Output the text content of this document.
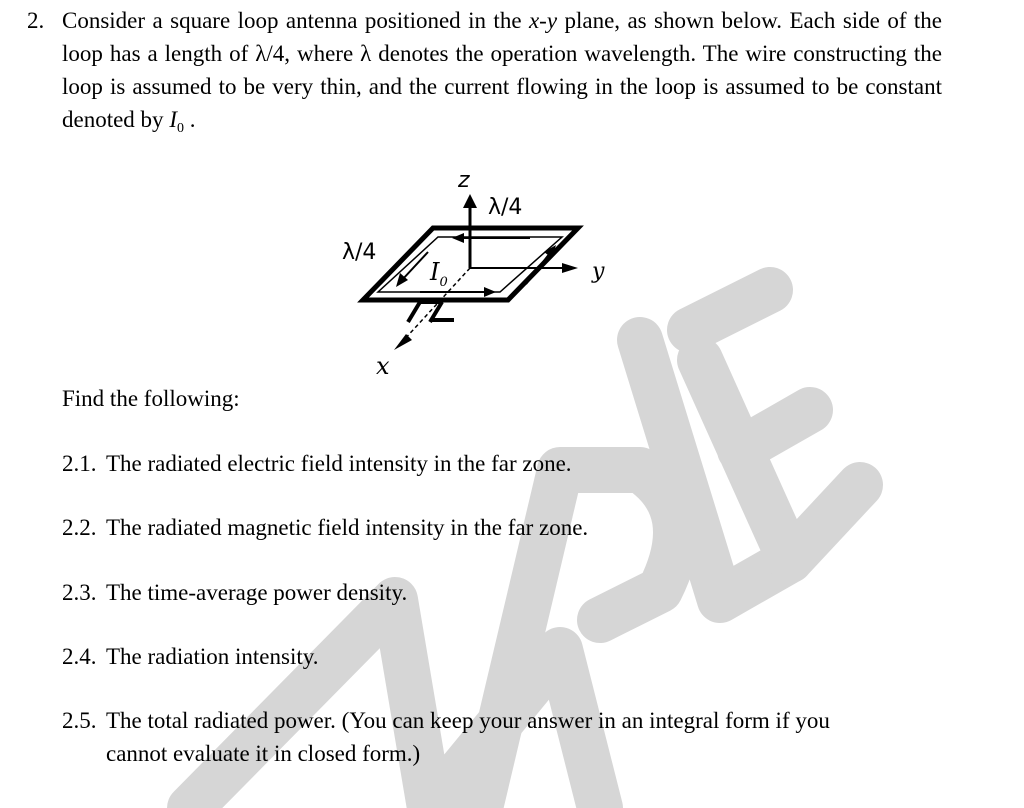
2. Consider a square loop antenna positioned in the x-y plane, as shown below. Each side of the loop has a length of λ/4, where λ denotes the operation wavelength. The wire constructing the loop is assumed to be very thin, and the current flowing in the loop is assumed to be constant denoted by $I_0$ .
z
λ/4
y
x
λ/4
$I_0$
Find the following:
2.1. The radiated electric field intensity in the far zone.
2.2. The radiated magnetic field intensity in the far zone.
2.3. The time-average power density.
2.4. The radiation intensity.
2.5. The total radiated power. (You can keep your answer in an integral form if you
cannot evaluate it in closed form.)
